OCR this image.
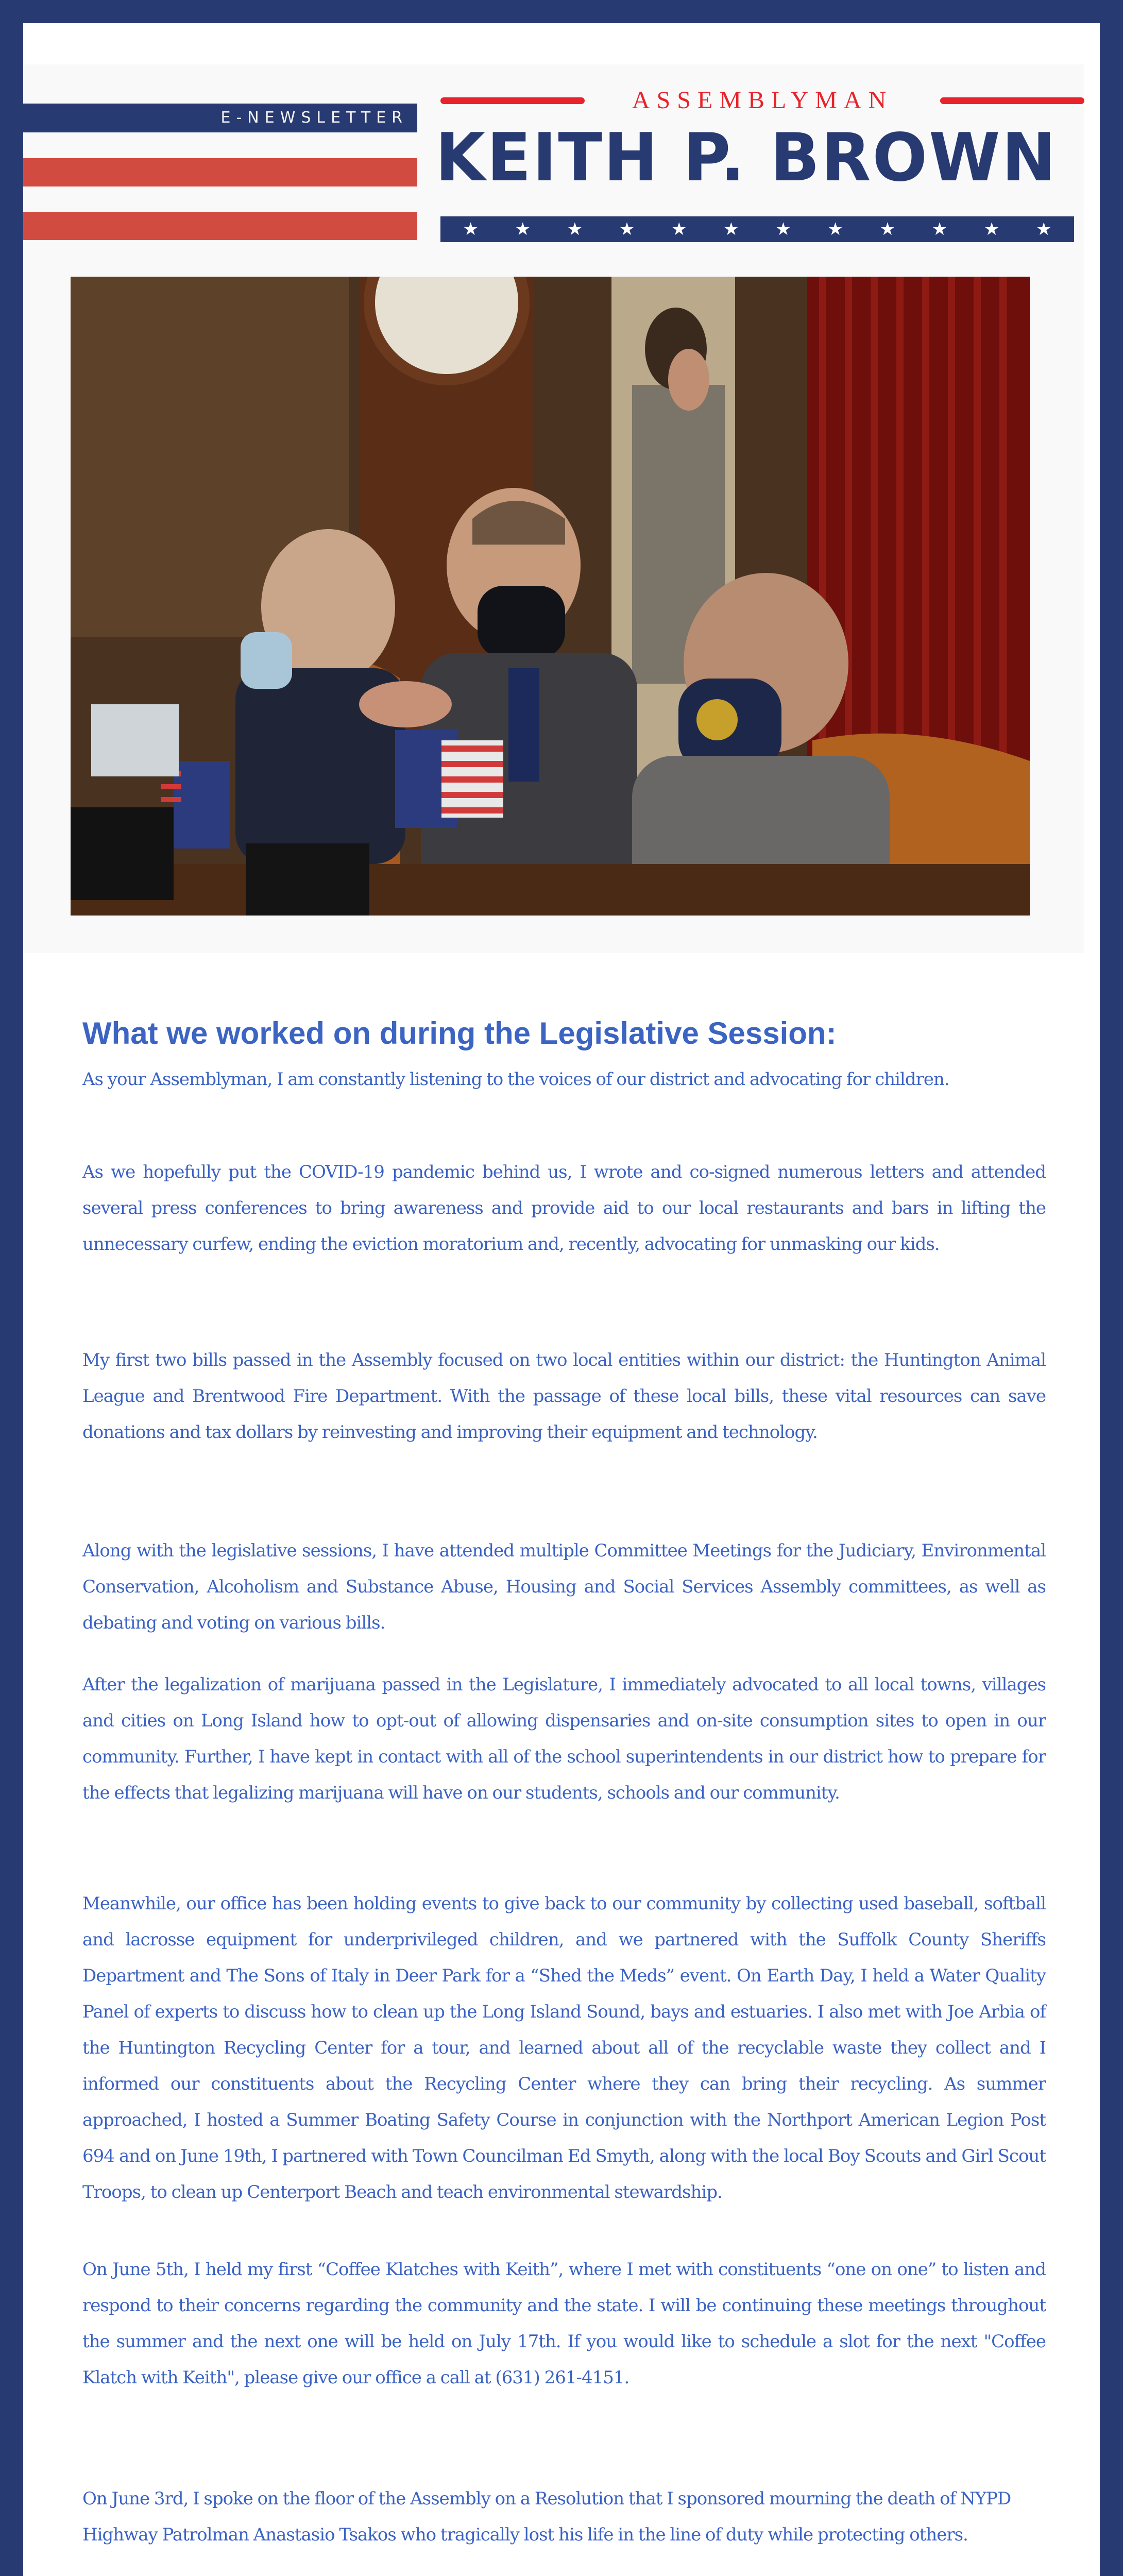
E-NEWSLETTER
ASSEMBLYMAN
KEITH P. BROWN
★ ★ ★ ★ ★ ★ ★ ★ ★ ★ ★ ★
What we worked on during the Legislative Session:

As your Assemblyman, I am constantly listening to the voices of our district and advocating for children.

As we hopefully put the COVID-19 pandemic behind us, I wrote and co-signed numerous letters and attended several press conferences to bring awareness and provide aid to our local restaurants and bars in lifting the unnecessary curfew, ending the eviction moratorium and, recently, advocating for unmasking our kids.

My first two bills passed in the Assembly focused on two local entities within our district: the Huntington Animal League and Brentwood Fire Department. With the passage of these local bills, these vital resources can save donations and tax dollars by reinvesting and improving their equipment and technology.

Along with the legislative sessions, I have attended multiple Committee Meetings for the Judiciary, Environmental Conservation, Alcoholism and Substance Abuse, Housing and Social Services Assembly committees, as well as debating and voting on various bills.

After the legalization of marijuana passed in the Legislature, I immediately advocated to all local towns, villages and cities on Long Island how to opt-out of allowing dispensaries and on-site consumption sites to open in our community. Further, I have kept in contact with all of the school superintendents in our district how to prepare for the effects that legalizing marijuana will have on our students, schools and our community.

Meanwhile, our office has been holding events to give back to our community by collecting used baseball, softball and lacrosse equipment for underprivileged children, and we partnered with the Suffolk County Sheriffs Department and The Sons of Italy in Deer Park for a “Shed the Meds” event. On Earth Day, I held a Water Quality Panel of experts to discuss how to clean up the Long Island Sound, bays and estuaries. I also met with Joe Arbia of the Huntington Recycling Center for a tour, and learned about all of the recyclable waste they collect and I informed our constituents about the Recycling Center where they can bring their recycling. As summer approached, I hosted a Summer Boating Safety Course in conjunction with the Northport American Legion Post 694 and on June 19th, I partnered with Town Councilman Ed Smyth, along with the local Boy Scouts and Girl Scout Troops, to clean up Centerport Beach and teach environmental stewardship.

On June 5th, I held my first “Coffee Klatches with Keith”, where I met with constituents “one on one” to listen and respond to their concerns regarding the community and the state. I will be continuing these meetings throughout the summer and the next one will be held on July 17th. If you would like to schedule a slot for the next "Coffee Klatch with Keith", please give our office a call at (631) 261-4151.

On June 3rd, I spoke on the floor of the Assembly on a Resolution that I sponsored mourning the death of NYPD Highway Patrolman Anastasio Tsakos who tragically lost his life in the line of duty while protecting others.
